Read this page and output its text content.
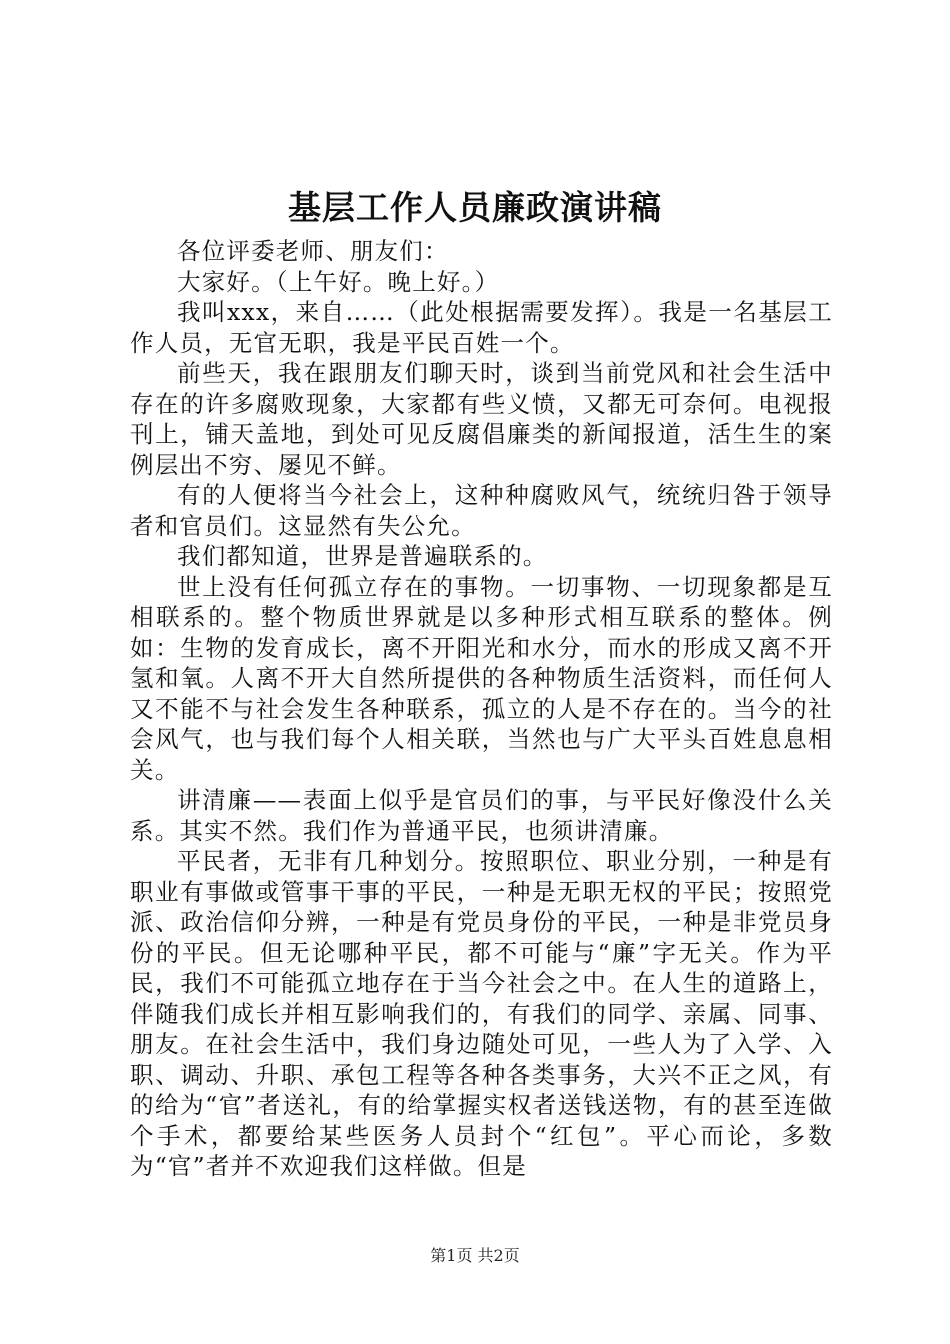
基层工作人员廉政演讲稿

各位评委老师、朋友们：

大家好。（上午好。晚上好。）

我叫xxx，来自……（此处根据需要发挥）。我是一名基层工作人员，无官无职，我是平民百姓一个。

前些天，我在跟朋友们聊天时，谈到当前党风和社会生活中存在的许多腐败现象，大家都有些义愤，又都无可奈何。电视报刊上，铺天盖地，到处可见反腐倡廉类的新闻报道，活生生的案例层出不穷、屡见不鲜。

有的人便将当今社会上，这种种腐败风气，统统归咎于领导者和官员们。这显然有失公允。

我们都知道，世界是普遍联系的。

世上没有任何孤立存在的事物。一切事物、一切现象都是互相联系的。整个物质世界就是以多种形式相互联系的整体。例如：生物的发育成长，离不开阳光和水分，而水的形成又离不开氢和氧。人离不开大自然所提供的各种物质生活资料，而任何人又不能不与社会发生各种联系，孤立的人是不存在的。当今的社会风气，也与我们每个人相关联，当然也与广大平头百姓息息相关。

讲清廉——表面上似乎是官员们的事，与平民好像没什么关系。其实不然。我们作为普通平民，也须讲清廉。

平民者，无非有几种划分。按照职位、职业分别，一种是有职业有事做或管事干事的平民，一种是无职无权的平民；按照党派、政治信仰分辨，一种是有党员身份的平民，一种是非党员身份的平民。但无论哪种平民，都不可能与“廉”字无关。作为平民，我们不可能孤立地存在于当今社会之中。在人生的道路上，伴随我们成长并相互影响我们的，有我们的同学、亲属、同事、朋友。在社会生活中，我们身边随处可见，一些人为了入学、入职、调动、升职、承包工程等各种各类事务，大兴不正之风，有的给为“官”者送礼，有的给掌握实权者送钱送物，有的甚至连做个手术，都要给某些医务人员封个“红包”。平心而论，多数为“官”者并不欢迎我们这样做。但是

第1页 共2页
